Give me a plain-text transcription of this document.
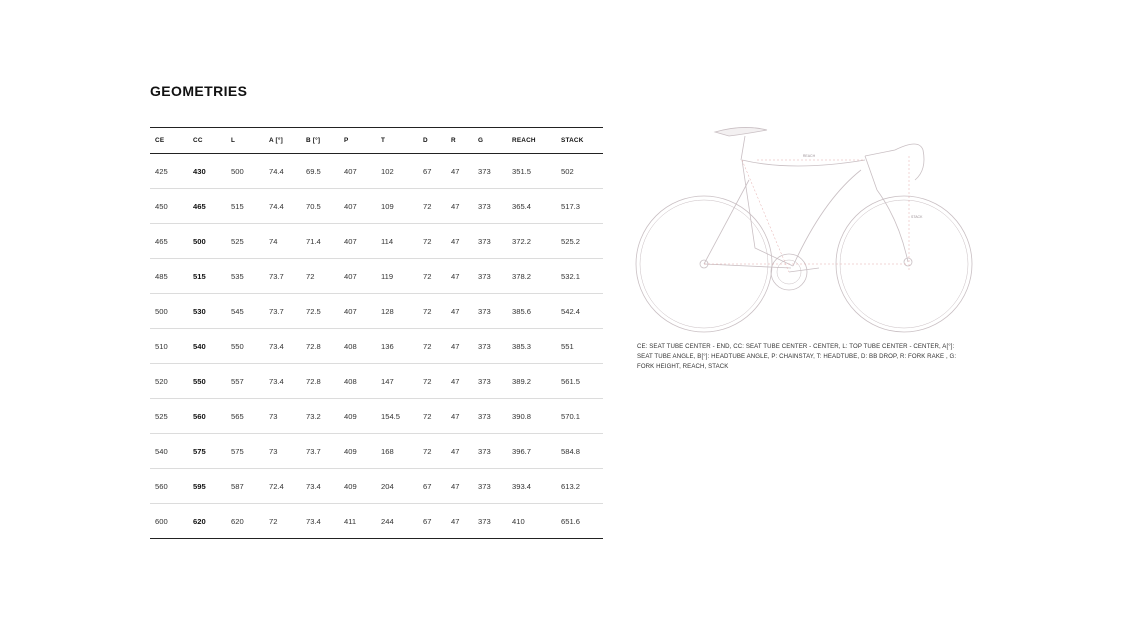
GEOMETRIES
CE	CC	L	A [°]	B [°]	P	T	D	R	G	REACH	STACK
425	430	500	74.4	69.5	407	102	67	47	373	351.5	502
450	465	515	74.4	70.5	407	109	72	47	373	365.4	517.3
465	500	525	74	71.4	407	114	72	47	373	372.2	525.2
485	515	535	73.7	72	407	119	72	47	373	378.2	532.1
500	530	545	73.7	72.5	407	128	72	47	373	385.6	542.4
510	540	550	73.4	72.8	408	136	72	47	373	385.3	551
520	550	557	73.4	72.8	408	147	72	47	373	389.2	561.5
525	560	565	73	73.2	409	154.5	72	47	373	390.8	570.1
540	575	575	73	73.7	409	168	72	47	373	396.7	584.8
560	595	587	72.4	73.4	409	204	67	47	373	393.4	613.2
600	620	620	72	73.4	411	244	67	47	373	410	651.6
REACH
STACK
CE: SEAT TUBE CENTER - END, CC: SEAT TUBE CENTER - CENTER, L: TOP TUBE CENTER - CENTER, A[°]: SEAT TUBE ANGLE, B[°]: HEADTUBE ANGLE, P: CHAINSTAY, T: HEADTUBE, D: BB DROP, R: FORK RAKE , G: FORK HEIGHT, REACH, STACK
